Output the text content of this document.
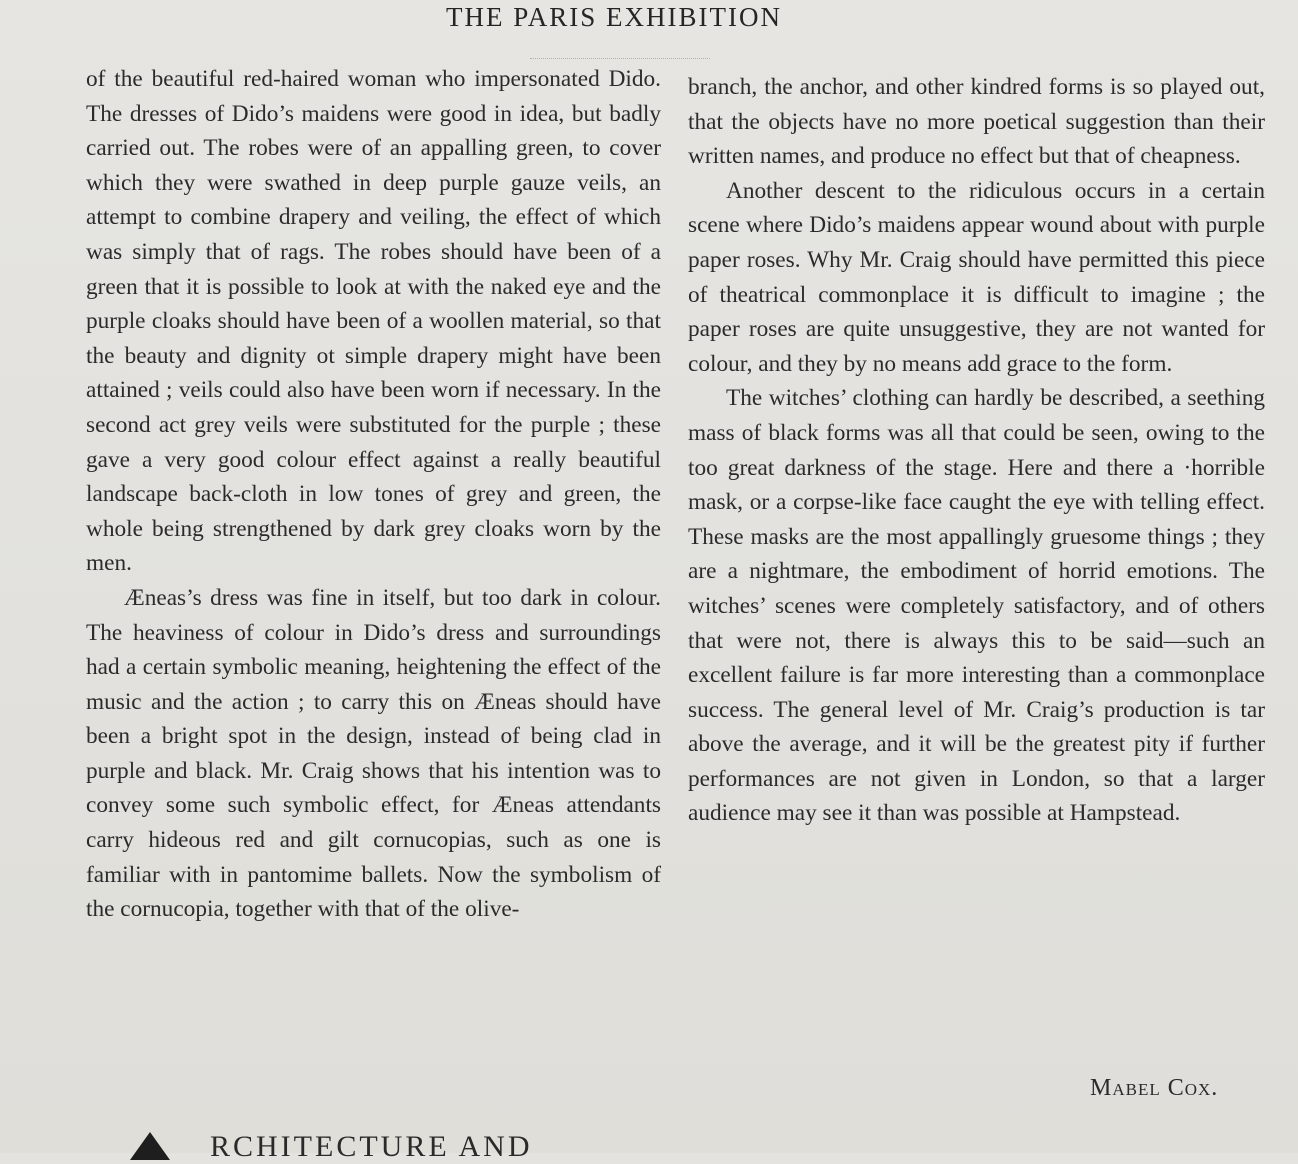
THE PARIS EXHIBITION

of the beautiful red-haired woman who impersonated Dido. The dresses of Dido’s maidens were good in idea, but badly carried out. The robes were of an appalling green, to cover which they were swathed in deep purple gauze veils, an attempt to combine drapery and veiling, the effect of which was simply that of rags. The robes should have been of a green that it is possible to look at with the naked eye and the purple cloaks should have been of a woollen material, so that the beauty and dignity ot simple drapery might have been attained ; veils could also have been worn if necessary. In the second act grey veils were substituted for the purple ; these gave a very good colour effect against a really beautiful landscape back-cloth in low tones of grey and green, the whole being strengthened by dark grey cloaks worn by the men.

Æneas’s dress was fine in itself, but too dark in colour. The heaviness of colour in Dido’s dress and surroundings had a certain symbolic meaning, heightening the effect of the music and the action ; to carry this on Æneas should have been a bright spot in the design, instead of being clad in purple and black. Mr. Craig shows that his intention was to convey some such symbolic effect, for Æneas attendants carry hideous red and gilt cornucopias, such as one is familiar with in pantomime ballets. Now the symbolism of the cornucopia, together with that of the olive-

branch, the anchor, and other kindred forms is so played out, that the objects have no more poetical suggestion than their written names, and produce no effect but that of cheapness.

Another descent to the ridiculous occurs in a certain scene where Dido’s maidens appear wound about with purple paper roses. Why Mr. Craig should have permitted this piece of theatrical commonplace it is difficult to imagine ; the paper roses are quite unsuggestive, they are not wanted for colour, and they by no means add grace to the form.

The witches’ clothing can hardly be described, a seething mass of black forms was all that could be seen, owing to the too great darkness of the stage. Here and there a ·horrible mask, or a corpse-like face caught the eye with telling effect. These masks are the most appallingly gruesome things ; they are a nightmare, the embodiment of horrid emotions. The witches’ scenes were completely satisfactory, and of others that were not, there is always this to be said—such an excellent failure is far more interesting than a commonplace success. The general level of Mr. Craig’s production is tar above the average, and it will be the greatest pity if further performances are not given in London, so that a larger audience may see it than was possible at Hampstead.

Mabel Cox.
RCHITECTURE AND
